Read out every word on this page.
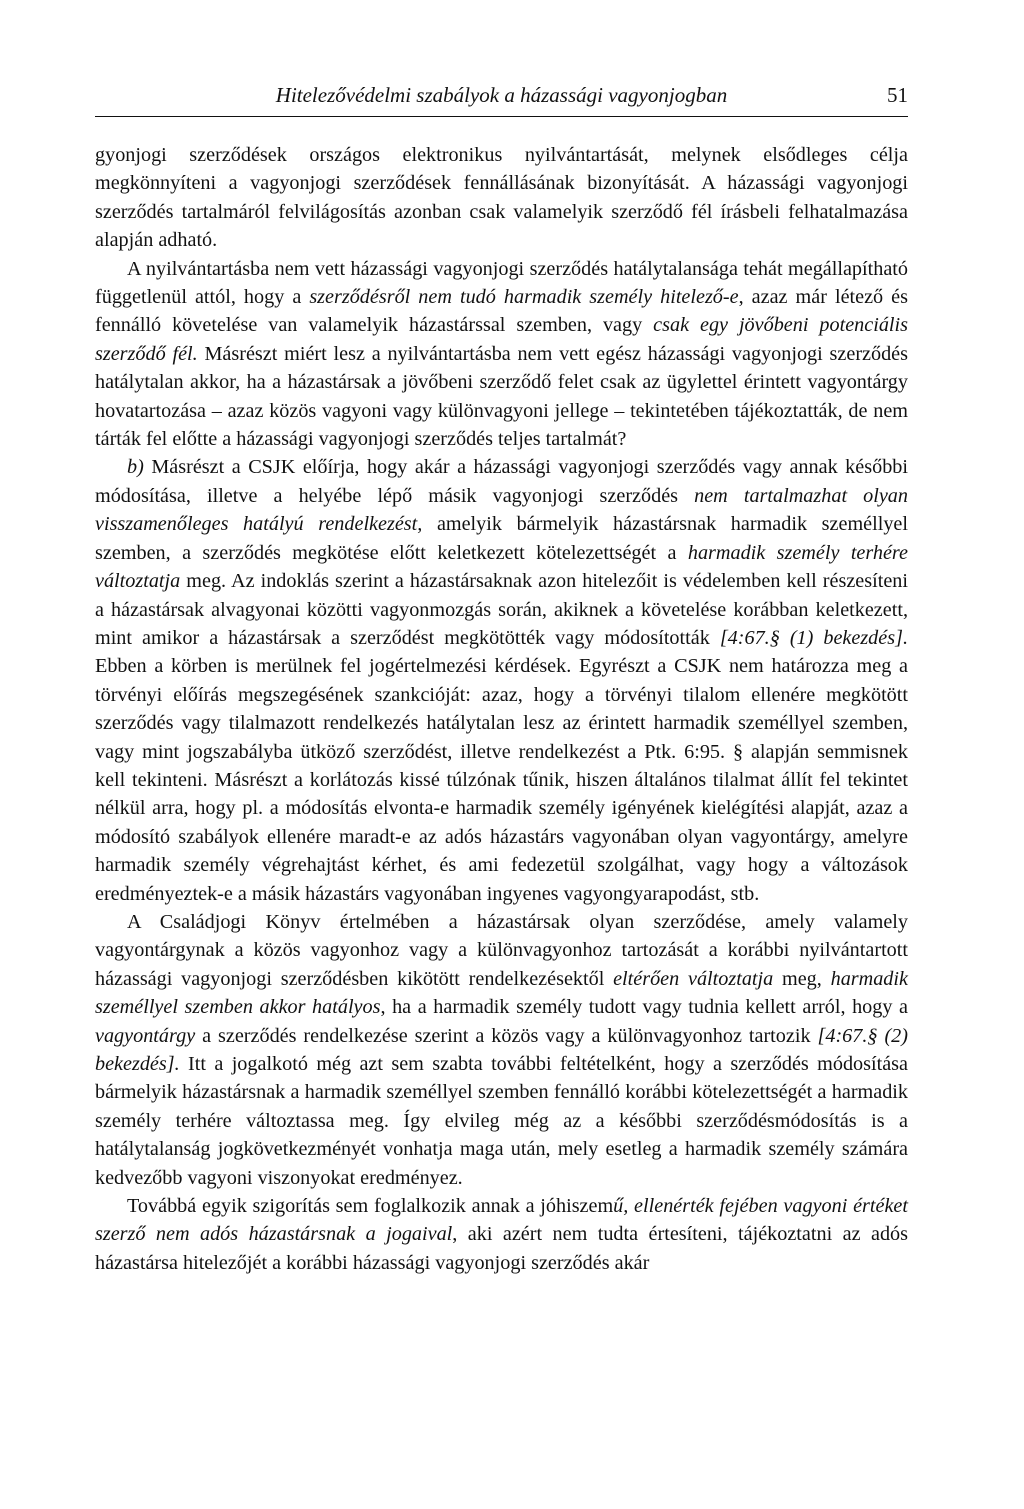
Hitelezővédelmi szabályok a házassági vagyonjogban	51

gyonjogi szerződések országos elektronikus nyilvántartását, melynek elsődleges célja megkönnyíteni a vagyonjogi szerződések fennállásának bizonyítását. A házassági vagyonjogi szerződés tartalmáról felvilágosítás azonban csak valamelyik szerződő fél írásbeli felhatalmazása alapján adható.

A nyilvántartásba nem vett házassági vagyonjogi szerződés hatálytalansága tehát megállapítható függetlenül attól, hogy a szerződésről nem tudó harmadik személy hitelező-e, azaz már létező és fennálló követelése van valamelyik házastárssal szemben, vagy csak egy jövőbeni potenciális szerződő fél. Másrészt miért lesz a nyilvántartásba nem vett egész házassági vagyonjogi szerződés hatálytalan akkor, ha a házastársak a jövőbeni szerződő felet csak az ügylettel érintett vagyontárgy hovatartozása – azaz közös vagyoni vagy különvagyoni jellege – tekintetében tájékoztatták, de nem tárták fel előtte a házassági vagyonjogi szerződés teljes tartalmát?

b) Másrészt a CSJK előírja, hogy akár a házassági vagyonjogi szerződés vagy annak későbbi módosítása, illetve a helyébe lépő másik vagyonjogi szerződés nem tartalmazhat olyan visszamenőleges hatályú rendelkezést, amelyik bármelyik házastársnak harmadik személlyel szemben, a szerződés megkötése előtt keletkezett kötelezettségét a harmadik személy terhére változtatja meg. Az indoklás szerint a házastársaknak azon hitelezőit is védelemben kell részesíteni a házastársak alvagyonai közötti vagyonmozgás során, akiknek a követelése korábban keletkezett, mint amikor a házastársak a szerződést megkötötték vagy módosították [4:67.§ (1) bekezdés]. Ebben a körben is merülnek fel jogértelmezési kérdések. Egyrészt a CSJK nem határozza meg a törvényi előírás megszegésének szankcióját: azaz, hogy a törvényi tilalom ellenére megkötött szerződés vagy tilalmazott rendelkezés hatálytalan lesz az érintett harmadik személlyel szemben, vagy mint jogszabályba ütköző szerződést, illetve rendelkezést a Ptk. 6:95. § alapján semmisnek kell tekinteni. Másrészt a korlátozás kissé túlzónak tűnik, hiszen általános tilalmat állít fel tekintet nélkül arra, hogy pl. a módosítás elvonta-e harmadik személy igényének kielégítési alapját, azaz a módosító szabályok ellenére maradt-e az adós házastárs vagyonában olyan vagyontárgy, amelyre harmadik személy végrehajtást kérhet, és ami fedezetül szolgálhat, vagy hogy a változások eredményeztek-e a másik házastárs vagyonában ingyenes vagyongyarapodást, stb.

A Családjogi Könyv értelmében a házastársak olyan szerződése, amely valamely vagyontárgynak a közös vagyonhoz vagy a különvagyonhoz tartozását a korábbi nyilvántartott házassági vagyonjogi szerződésben kikötött rendelkezésektől eltérően változtatja meg, harmadik személlyel szemben akkor hatályos, ha a harmadik személy tudott vagy tudnia kellett arról, hogy a vagyontárgy a szerződés rendelkezése szerint a közös vagy a különvagyonhoz tartozik [4:67.§ (2) bekezdés]. Itt a jogalkotó még azt sem szabta további feltételként, hogy a szerződés módosítása bármelyik házastársnak a harmadik személlyel szemben fennálló korábbi kötelezettségét a harmadik személy terhére változtassa meg. Így elvileg még az a későbbi szerződésmódosítás is a hatálytalanság jogkövetkezményét vonhatja maga után, mely esetleg a harmadik személy számára kedvezőbb vagyoni viszonyokat eredményez.

Továbbá egyik szigorítás sem foglalkozik annak a jóhiszemű, ellenérték fejében vagyoni értéket szerző nem adós házastársnak a jogaival, aki azért nem tudta értesíteni, tájékoztatni az adós házastársa hitelezőjét a korábbi házassági vagyonjogi szerződés akár
